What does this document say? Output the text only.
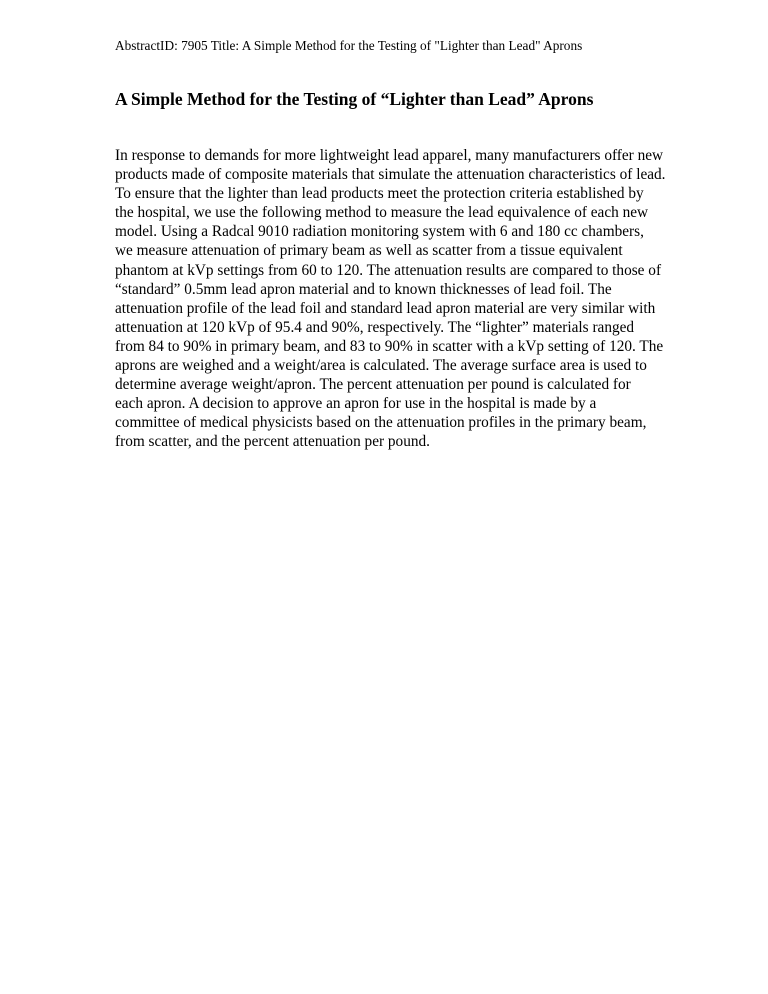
AbstractID: 7905 Title: A Simple Method for the Testing of "Lighter than Lead" Aprons
A Simple Method for the Testing of “Lighter than Lead” Aprons
In response to demands for more lightweight lead apparel, many manufacturers offer new
products made of composite materials that simulate the attenuation characteristics of lead.
To ensure that the lighter than lead products meet the protection criteria established by
the hospital, we use the following method to measure the lead equivalence of each new
model. Using a Radcal 9010 radiation monitoring system with 6 and 180 cc chambers,
we measure attenuation of primary beam as well as scatter from a tissue equivalent
phantom at kVp settings from 60 to 120. The attenuation results are compared to those of
“standard” 0.5mm lead apron material and to known thicknesses of lead foil. The
attenuation profile of the lead foil and standard lead apron material are very similar with
attenuation at 120 kVp of 95.4 and 90%, respectively. The “lighter” materials ranged
from 84 to 90% in primary beam, and 83 to 90% in scatter with a kVp setting of 120. The
aprons are weighed and a weight/area is calculated. The average surface area is used to
determine average weight/apron. The percent attenuation per pound is calculated for
each apron. A decision to approve an apron for use in the hospital is made by a
committee of medical physicists based on the attenuation profiles in the primary beam,
from scatter, and the percent attenuation per pound.
